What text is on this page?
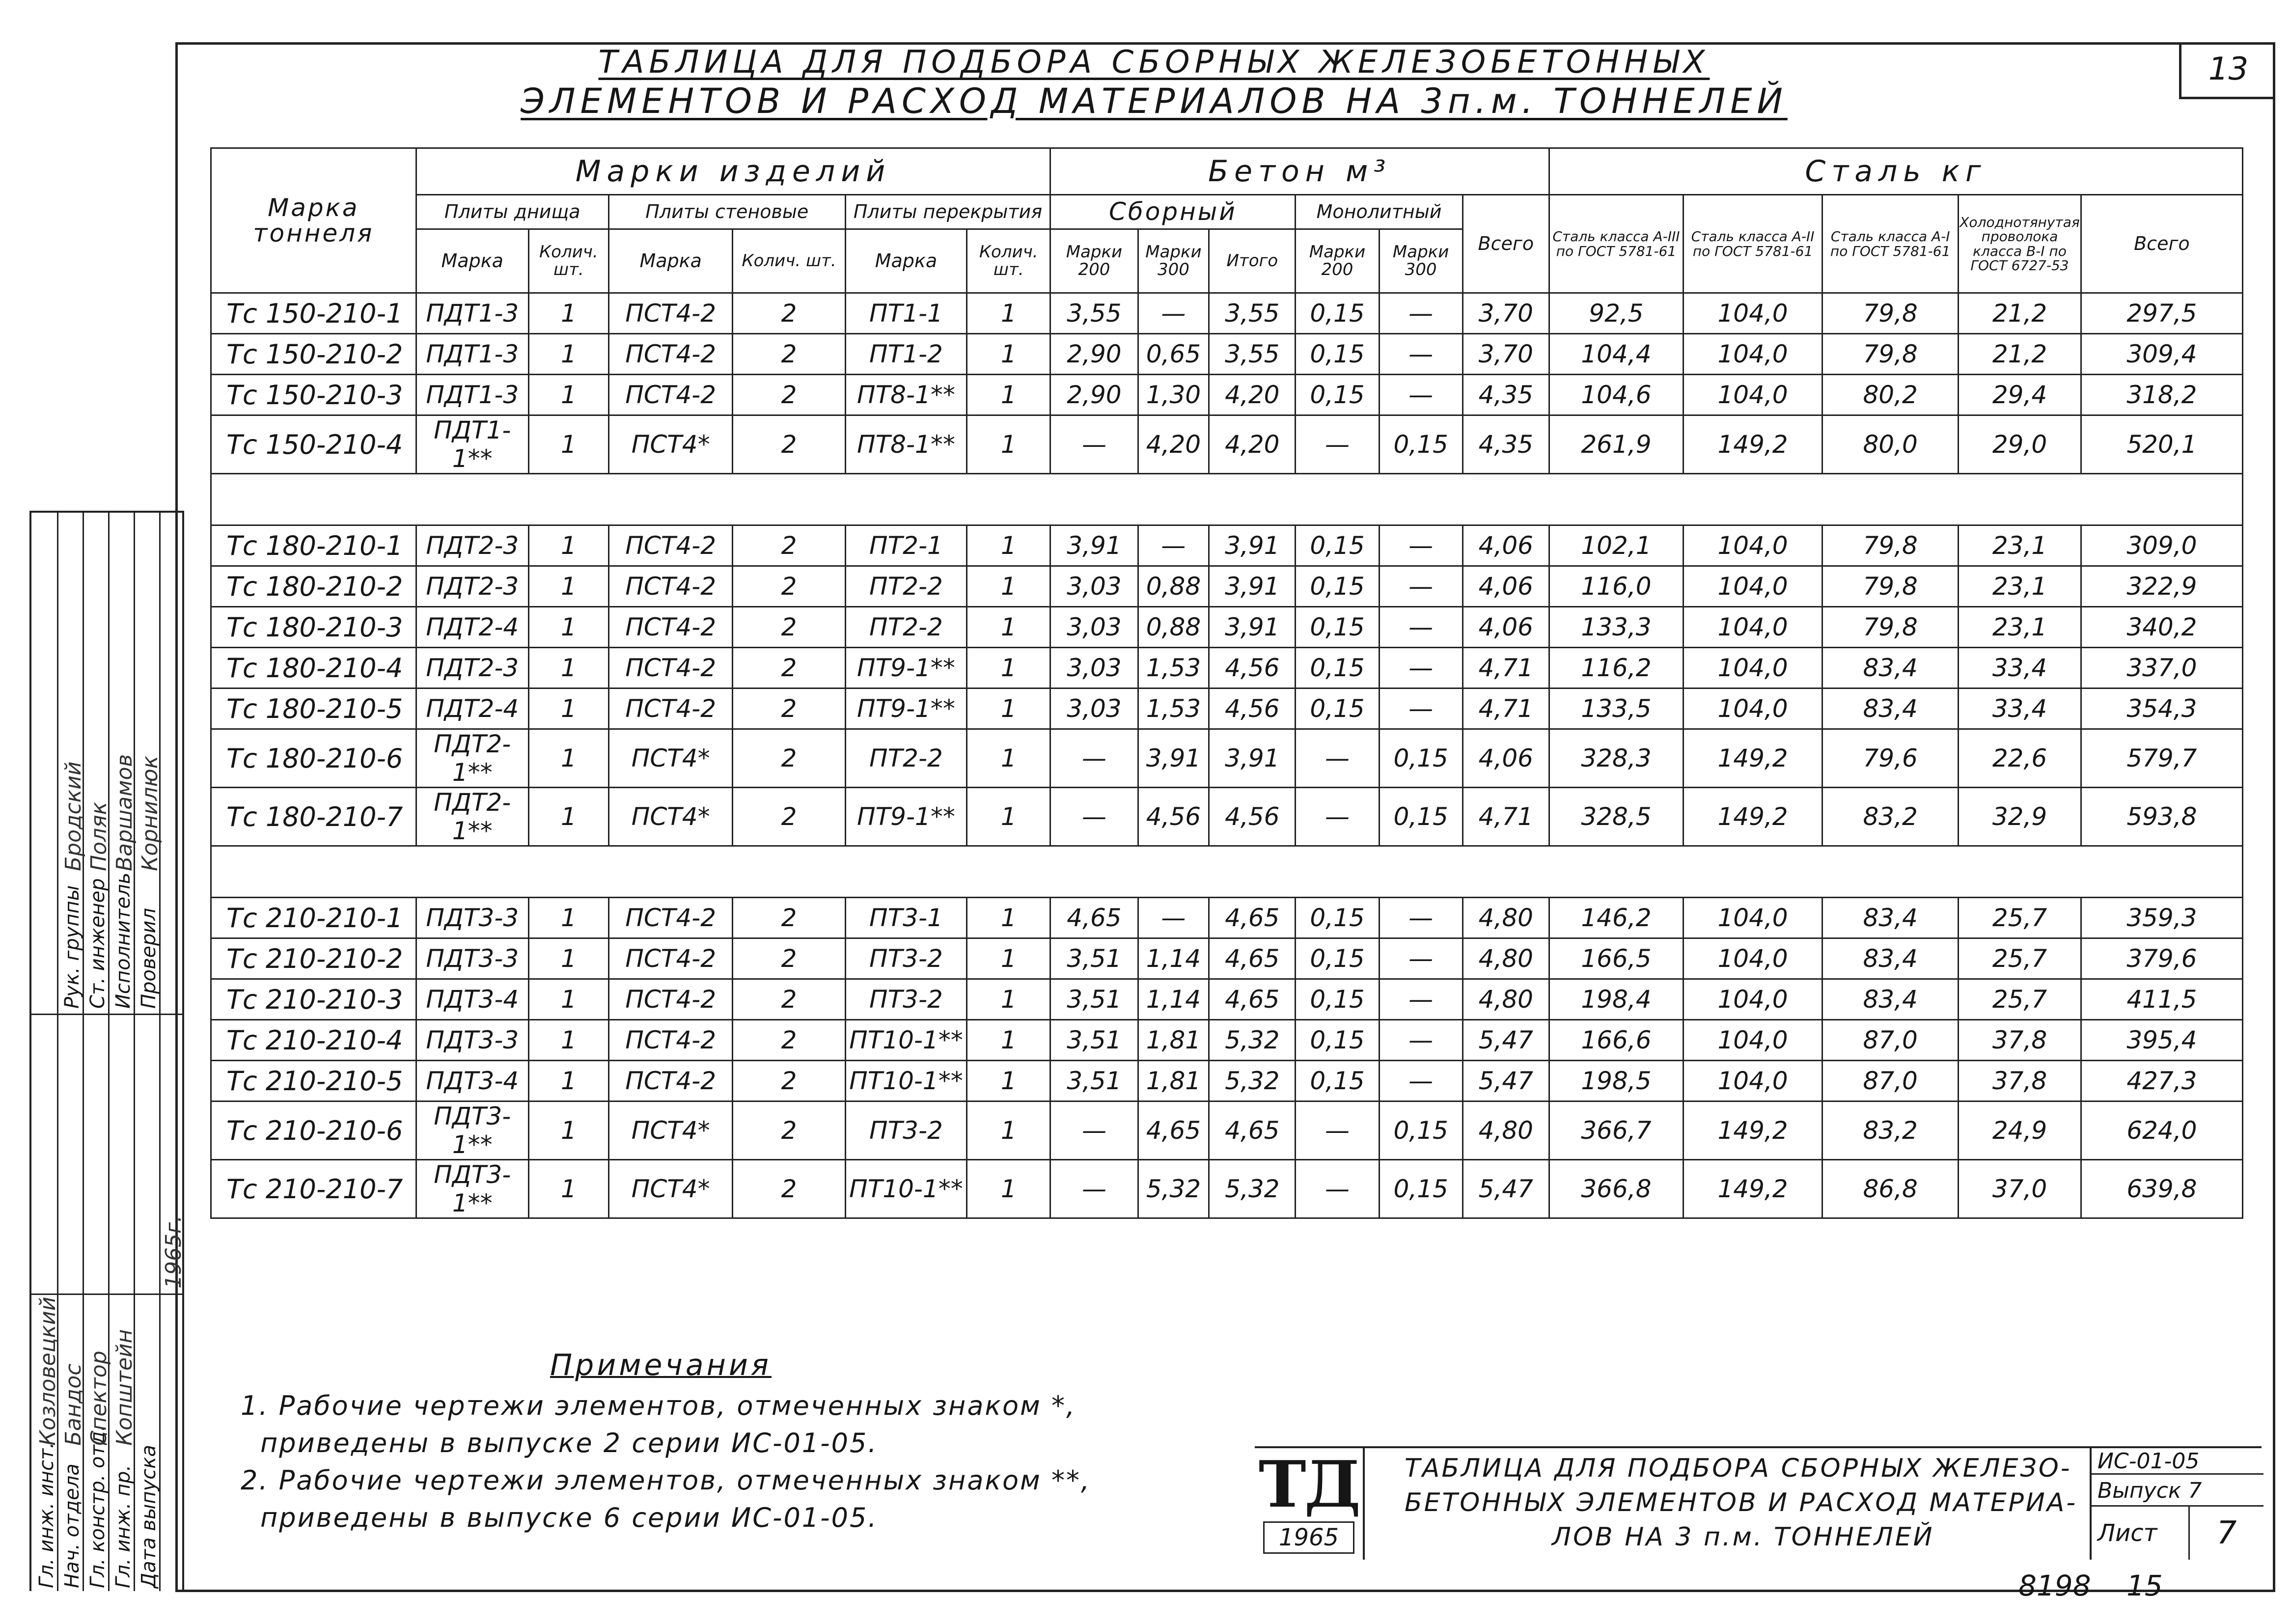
13
ТАБЛИЦА ДЛЯ ПОДБОРА СБОРНЫХ ЖЕЛЕЗОБЕТОННЫХ
ЭЛЕМЕНТОВ И РАСХОД МАТЕРИАЛОВ НА 3п.м. ТОННЕЛЕЙ
Марка тоннеля	Марки изделий						Бетон м³						Сталь кг				
	Плиты днища		Плиты стеновые		Плиты перекрытия		Сборный			Монолитный		Всего	Сталь класса А-III по ГОСТ 5781-61	Сталь класса А-II по ГОСТ 5781-61	Сталь класса А-I по ГОСТ 5781-61	Холоднотянутая проволока класса В-I по ГОСТ 6727-53	Всего
	Марка	Колич. шт.	Марка	Колич. шт.	Марка	Колич. шт.	Марки 200	Марки 300	Итого	Марки 200	Марки 300						
Тс 150-210-1	ПДТ1-3	1	ПСТ4-2	2	ПТ1-1	1	3,55	—	3,55	0,15	—	3,70	92,5	104,0	79,8	21,2	297,5
Тс 150-210-2	ПДТ1-3	1	ПСТ4-2	2	ПТ1-2	1	2,90	0,65	3,55	0,15	—	3,70	104,4	104,0	79,8	21,2	309,4
Тс 150-210-3	ПДТ1-3	1	ПСТ4-2	2	ПТ8-1**	1	2,90	1,30	4,20	0,15	—	4,35	104,6	104,0	80,2	29,4	318,2
Тс 150-210-4	ПДТ1-1**	1	ПСТ4*	2	ПТ8-1**	1	—	4,20	4,20	—	0,15	4,35	261,9	149,2	80,0	29,0	520,1

Тс 180-210-1	ПДТ2-3	1	ПСТ4-2	2	ПТ2-1	1	3,91	—	3,91	0,15	—	4,06	102,1	104,0	79,8	23,1	309,0
Тс 180-210-2	ПДТ2-3	1	ПСТ4-2	2	ПТ2-2	1	3,03	0,88	3,91	0,15	—	4,06	116,0	104,0	79,8	23,1	322,9
Тс 180-210-3	ПДТ2-4	1	ПСТ4-2	2	ПТ2-2	1	3,03	0,88	3,91	0,15	—	4,06	133,3	104,0	79,8	23,1	340,2
Тс 180-210-4	ПДТ2-3	1	ПСТ4-2	2	ПТ9-1**	1	3,03	1,53	4,56	0,15	—	4,71	116,2	104,0	83,4	33,4	337,0
Тс 180-210-5	ПДТ2-4	1	ПСТ4-2	2	ПТ9-1**	1	3,03	1,53	4,56	0,15	—	4,71	133,5	104,0	83,4	33,4	354,3
Тс 180-210-6	ПДТ2-1**	1	ПСТ4*	2	ПТ2-2	1	—	3,91	3,91	—	0,15	4,06	328,3	149,2	79,6	22,6	579,7
Тс 180-210-7	ПДТ2-1**	1	ПСТ4*	2	ПТ9-1**	1	—	4,56	4,56	—	0,15	4,71	328,5	149,2	83,2	32,9	593,8

Тс 210-210-1	ПДТ3-3	1	ПСТ4-2	2	ПТ3-1	1	4,65	—	4,65	0,15	—	4,80	146,2	104,0	83,4	25,7	359,3
Тс 210-210-2	ПДТ3-3	1	ПСТ4-2	2	ПТ3-2	1	3,51	1,14	4,65	0,15	—	4,80	166,5	104,0	83,4	25,7	379,6
Тс 210-210-3	ПДТ3-4	1	ПСТ4-2	2	ПТ3-2	1	3,51	1,14	4,65	0,15	—	4,80	198,4	104,0	83,4	25,7	411,5
Тс 210-210-4	ПДТ3-3	1	ПСТ4-2	2	ПТ10-1**	1	3,51	1,81	5,32	0,15	—	5,47	166,6	104,0	87,0	37,8	395,4
Тс 210-210-5	ПДТ3-4	1	ПСТ4-2	2	ПТ10-1**	1	3,51	1,81	5,32	0,15	—	5,47	198,5	104,0	87,0	37,8	427,3
Тс 210-210-6	ПДТ3-1**	1	ПСТ4*	2	ПТ3-2	1	—	4,65	4,65	—	0,15	4,80	366,7	149,2	83,2	24,9	624,0
Тс 210-210-7	ПДТ3-1**	1	ПСТ4*	2	ПТ10-1**	1	—	5,32	5,32	—	0,15	5,47	366,8	149,2	86,8	37,0	639,8
Примечания
1. Рабочие чертежи элементов, отмеченных знаком *,
приведены в выпуске 2 серии ИС-01-05.
2. Рабочие чертежи элементов, отмеченных знаком **,
приведены в выпуске 6 серии ИС-01-05.	ТД
1965
ТАБЛИЦА ДЛЯ ПОДБОРА СБОРНЫХ ЖЕЛЕЗО-
БЕТОННЫХ ЭЛЕМЕНТОВ И РАСХОД МАТЕРИА-
ЛОВ НА 3 п.м. ТОННЕЛЕЙ
ИС-01-05
Выпуск 7
Лист	7
8198 15
Гл. инж. инст. Нач. отдела Гл. констр. отд. Гл. инж. пр. Дата выпуска
Козловецкий Бандос Спектор Копштейн
1965г.
Рук. группы Ст. инженер Исполнитель Проверил
Бродский Поляк Варшамов Корнилюк
